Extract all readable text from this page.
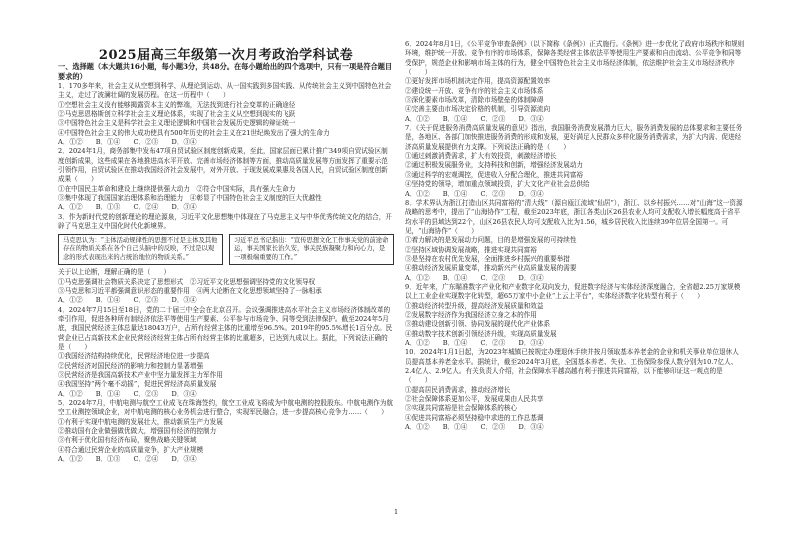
2025届高三年级第一次月考政治学科试卷
一、选择题（本大题共16小题，每小题3分，共48分。在每小题给出的四个选项中，只有一项是符合题目要求的）

1．170多年来，社会主义从空想到科学、从理论到运动、从一国实践到多国实践、从传统社会主义到中国特色社会主义，走过了波澜壮阔的发展历程。在这一历程中（　　）

①空想社会主义没有能够揭露资本主义的弊端，无法找到进行社会变革的正确途径

②马克思恩格斯创立科学社会主义理论体系，实现了社会主义从空想到现实的飞跃

③中国特色社会主义是科学社会主义理论逻辑和中国社会发展历史逻辑的辩证统一

④中国特色社会主义的伟大成功使具有500年历史的社会主义在21世纪焕发出了强大的生命力

A．①②　　B．①④　　C．②③　　D．③④

2．2024年1月，商务部集中发布47项自贸试验区制度创新成果，至此，国家层面已累计推广349项自贸试验区制度创新成果，这些成果在各地推进高水平开放、完善市场经济体制等方面，推动高质量发展等方面发挥了重要示范引领作用，自贸试验区在推动我国经济社会发展中，对外开放、于现发展成果惠及各国人民，自贸试验区制度创新成果（　　）

①在中国民主革命和建设上继续提供强大动力　②符合中国实际，具有强大生命力

③集中体现了我国国家治理体系和治理能力　④彰显了中国特色社会主义制度的巨大优越性

A．①②　　B．①③　　C．②④　　D．③④

3．作为新时代党的创新理论的理论源泉，习近平文化思想集中体现在了马克思主义与中华优秀传统文化的结合，开辟了马克思主义中国化时代化新境界。

马克思认为：“主体活动规律性的思想不过是主体及其他存在的物质关系在各个自己头脑中的反映，不过是以观念的形式表现出来的占统治地位的物质关系。”
习近平总书记指出：“宣传思想文化工作事关党的前途命运，事关国家长治久安，事关民族凝聚力和向心力，是一项极端重要的工作。”

关于以上论断，理解正确的是（　　）

①马克思强调社会物质关系决定了思想形式　②习近平文化思想强调坚持党的文化领导权

③马克思和习近平都强调意识形态的重要作用　④两大论断在文化思想领域坚持了一脉相承

A．①②　　B．①④　　C．②③　　D．③④

4．2024年7月15日至18日，党的二十届三中全会在北京召开。会议强调推进高水平社会主义市场经济体制改革的牵引作用，促进各种所有制经济依法平等使用生产要素、公平参与市场竞争、同等受到法律保护。截至2024年5月底，我国民营经济主体总量达18043万户，占所有经营主体的比重增至96.5%。2019年的95.5%增长1百分点。民营企业已占高新技术企业民营经济经营主体占所有经营主体的比重超多，已达到九成以上。据此，下列说法正确的是（　　）

①我国经济结构持续优化，民营经济地位进一步提高

②民营经济对国民经济的影响力和控制力显著增强

③民营经济是我国高新技术产业中坚力量发挥主力军作用

④我国坚持“两个毫不动摇”，促进民营经济高质量发展

A．①②　　B．①④　　C．②③　　D．③④

5．2024年7月，中航电测与航空工业成飞在珠海签约，航空工业成飞将成为中航电测的控股股东。中航电测作为航空工业测控领域企业，对中航电测的核心业务机会进行整合，实现军民融合，进一步提高核心竞争力……（　　）

①有利于实现中航电测的发展壮大，推动新质生产力发展

②推动国有企业做强做优做大，增强国有经济的控制力

③有利于优化国有经济布局，聚焦战略关键领域

④符合通过民营企业的高质量竞争，扩大产业规模

A．①②　　B．①③　　C．②④　　D．③④

6．2024年8月1日，《公平竞争审查条例》（以下简称《条例》）正式施行。《条例》进一步优化了政府市场秩序和规则环境，维护统一开放、竞争有序的市场体系，保障各类经营主体依法平等使用生产要素和自由流动、公平竞争和同等受保护，规范企业和影响市场主体的行为，健全中国特色社会主义市场经济体制，依法维护社会主义市场经济秩序（　　）

①更好发挥市场机制决定作用，提高资源配置效率

②建设统一开放、竞争有序的社会主义市场体系

③深化要素市场改革，清除市场壁垒的体制障碍

④完善主要由市场决定价格的机制，引导资源流向

A．①②　　B．①④　　C．②③　　D．③④

7．《关于促进服务消费高质量发展的意见》指出，我国服务消费发展潜力巨大，服务消费发展的总体要求和主要任务是，各地区、各部门加快推进服务消费的形成和发展，更好满足人民群众多样化服务消费需求，为扩大内需、促进经济高质量发展提供有力支撑。下列说法正确的是（　　）

①通过刺激消费需求，扩大有效投资，刺激经济增长

②通过积极发展服务业，支持科技和创新，增强经济发展动力

③通过科学的宏观调控，促进收入分配合理化，推进共同富裕

④坚持党的领导，增加重点领域投资，扩大文化产业社会总供给

A．①②　　B．①④　　C．②③　　D．③④

8．学术界认为浙江打造山区共同富裕的“清大线”（源自瓯江流域“仙居”），浙江、以乡村振兴……对“山海”这一资源战略的思考中，提出了“山海协作”工程，截至2023年底，浙江各类山区26县农业人均可支配收入增长幅度高于省平均水平的县域达到22个，山区26县农民人均可支配收入比为1.56，城乡居民收入比连续39年位居全国第一。可见，“山海协作”（　　）

①着力解决的是发展动力问题，目的是增强发展的可持续性

②坚持区域协调发展战略，推进实现共同富裕

③是坚持在农村优先发展，全面推进乡村振兴的重要举措

④推动经济发展质量变革，推动新兴产业高质量发展的需要

A．①②　　B．①④　　C．②③　　D．③④

9．近年来，广东瞄准数字产业化和产业数字化双向发力，促进数字经济与实体经济深度融合，全省超2.25万家规模以上工业企业实现数字化转型，超65万家中小企业“上云上平台”，实体经济数字化转型有利于（　　）

①推动经济转型升级，提高经济发展质量和效益

②发展数字经济作为我国经济立身之本的作用

③推动建设创新引领、协同发展的现代化产业体系

④推动数字技术创新引领经济升级，实现高质量发展

A．①②　　B．①④　　C．②③　　D．③④

10．2024年1月1日起，为2023年城镇已按规定办理退休手续并按月领取基本养老金的企业和机关事业单位退休人员提高基本养老金水平。据统计，截至2024年3月底，全国基本养老、失业、工伤保险参保人数分别为10.7亿人、2.4亿人、2.9亿人。有关负责人介绍，社会保障水平越高越有利于推进共同富裕，以下能够印证这一观点的是（　　）

①提高居民消费需求，推动经济增长

②社会保障体系更加公平，发展成果由人民共享

③实现共同富裕是社会保障体系的核心

④促进共同富裕必须坚持稳中求进的工作总基调

A．①②　　B．①④　　C．②③　　D．③④

1
